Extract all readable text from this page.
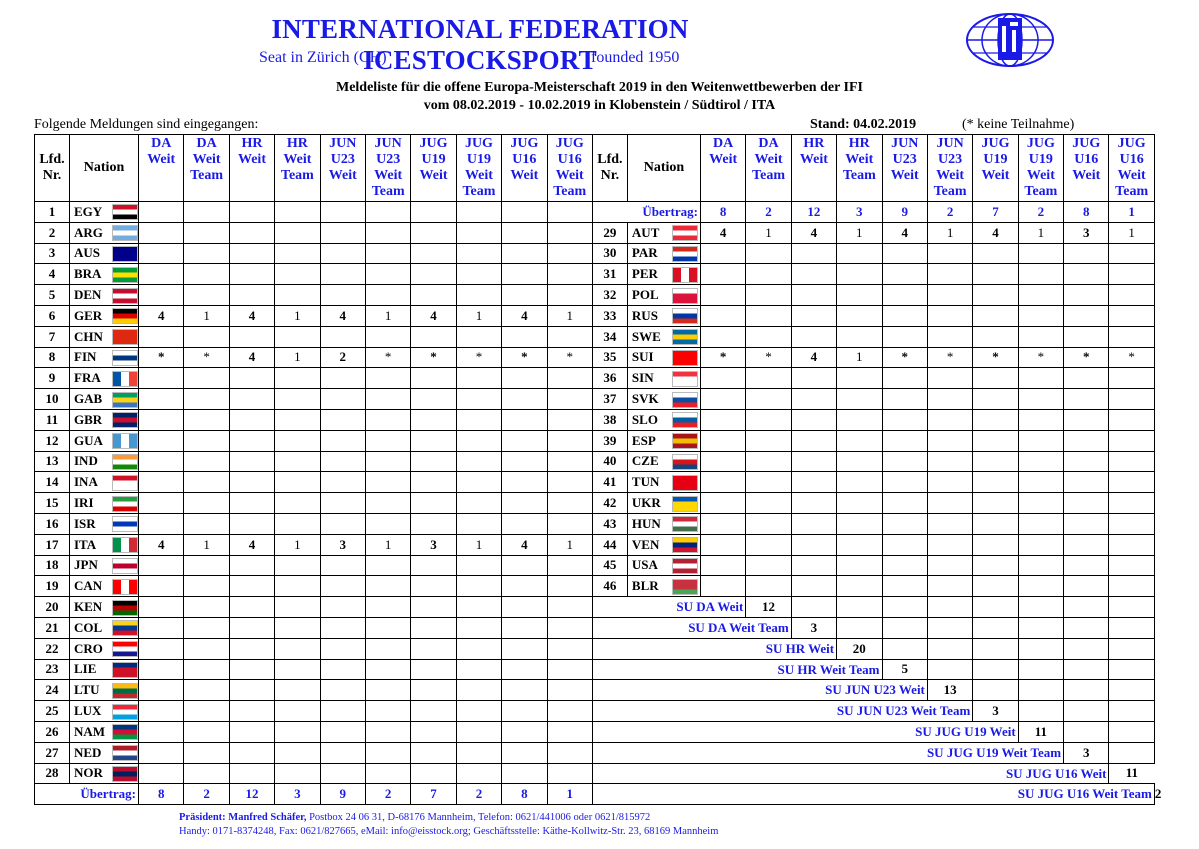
INTERNATIONAL FEDERATION ICESTOCKSPORT
Seat in Zürich (CH)	founded 1950
Meldeliste für die offene Europa-Meisterschaft 2019 in den Weitenwettbewerben der IFI
vom 08.02.2019 - 10.02.2019 in Klobenstein / Südtirol / ITA
Folgende Meldungen sind eingegangen:	Stand: 04.02.2019	(* keine Teilnahme)
Lfd. Nr.	Nation		DA Weit	DA Weit Team	HR Weit	HR Weit Team	JUN U23 Weit	JUN U23 Weit Team	JUG U19 Weit	JUG U19 Weit Team	JUG U16 Weit	JUG U16 Weit Team	Lfd. Nr.	Nation		DA Weit	DA Weit Team	HR Weit	HR Weit Team	JUN U23 Weit	JUN U23 Weit Team	JUG U19 Weit	JUG U19 Weit Team	JUG U16 Weit	JUG U16 Weit Team	
1	EGY												Übertrag:			8	2	12	3	9	2	7	2	8	1	
2	ARG												29	AUT		4	1	4	1	4	1	4	1	3	1	
3	AUS												30	PAR												
4	BRA												31	PER												
5	DEN												32	POL												
6	GER		4	1	4	1	4	1	4	1	4	1	33	RUS												
7	CHN												34	SWE												
8	FIN		*	*	4	1	2	*	*	*	*	*	35	SUI		*	*	4	1	*	*	*	*	*	*	
9	FRA												36	SIN												
10	GAB												37	SVK												
11	GBR												38	SLO												
12	GUA												39	ESP												
13	IND												40	CZE												
14	INA												41	TUN												
15	IRI												42	UKR												
16	ISR												43	HUN												
17	ITA		4	1	4	1	3	1	3	1	4	1	44	VEN												
18	JPN												45	USA												
19	CAN												46	BLR												
20	KEN												SU DA Weit				12									
21	COL												SU DA Weit Team					3								
22	CRO												SU HR Weit						20							
23	LIE												SU HR Weit Team							5						
24	LTU												SU JUN U23 Weit								13					
25	LUX												SU JUN U23 Weit Team									3				
26	NAM												SU JUG U19 Weit										11			
27	NED												SU JUG U19 Weit Team											3		
28	NOR												SU JUG U16 Weit												11	
Übertrag:			8	2	12	3	9	2	7	2	8	1	SU JUG U16 Weit Team													2
Präsident: Manfred Schäfer, Postbox 24 06 31, D-68176 Mannheim, Telefon: 0621/441006 oder 0621/815972
Handy: 0171-8374248, Fax: 0621/827665, eMail: info@eisstock.org; Geschäftsstelle: Käthe-Kollwitz-Str. 23, 68169 Mannheim
